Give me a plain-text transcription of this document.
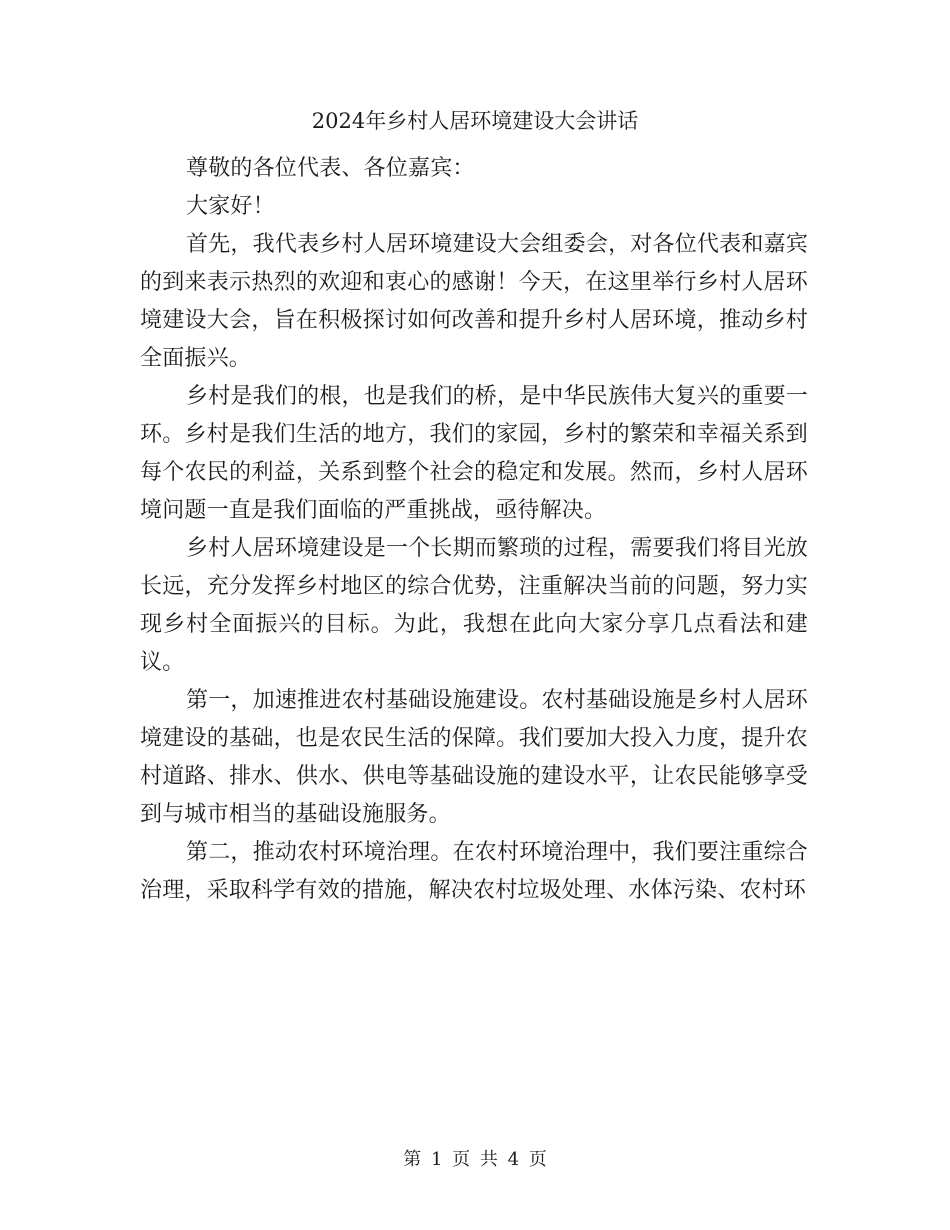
2024年乡村人居环境建设大会讲话

尊敬的各位代表、各位嘉宾：

大家好！

首先，我代表乡村人居环境建设大会组委会，对各位代表和嘉宾的到来表示热烈的欢迎和衷心的感谢！今天，在这里举行乡村人居环境建设大会，旨在积极探讨如何改善和提升乡村人居环境，推动乡村全面振兴。

乡村是我们的根，也是我们的桥，是中华民族伟大复兴的重要一环。乡村是我们生活的地方，我们的家园，乡村的繁荣和幸福关系到每个农民的利益，关系到整个社会的稳定和发展。然而，乡村人居环境问题一直是我们面临的严重挑战，亟待解决。

乡村人居环境建设是一个长期而繁琐的过程，需要我们将目光放长远，充分发挥乡村地区的综合优势，注重解决当前的问题，努力实现乡村全面振兴的目标。为此，我想在此向大家分享几点看法和建议。

第一，加速推进农村基础设施建设。农村基础设施是乡村人居环境建设的基础，也是农民生活的保障。我们要加大投入力度，提升农村道路、排水、供水、供电等基础设施的建设水平，让农民能够享受到与城市相当的基础设施服务。

第二，推动农村环境治理。在农村环境治理中，我们要注重综合治理，采取科学有效的措施，解决农村垃圾处理、水体污染、农村环

第 1 页 共 4 页
